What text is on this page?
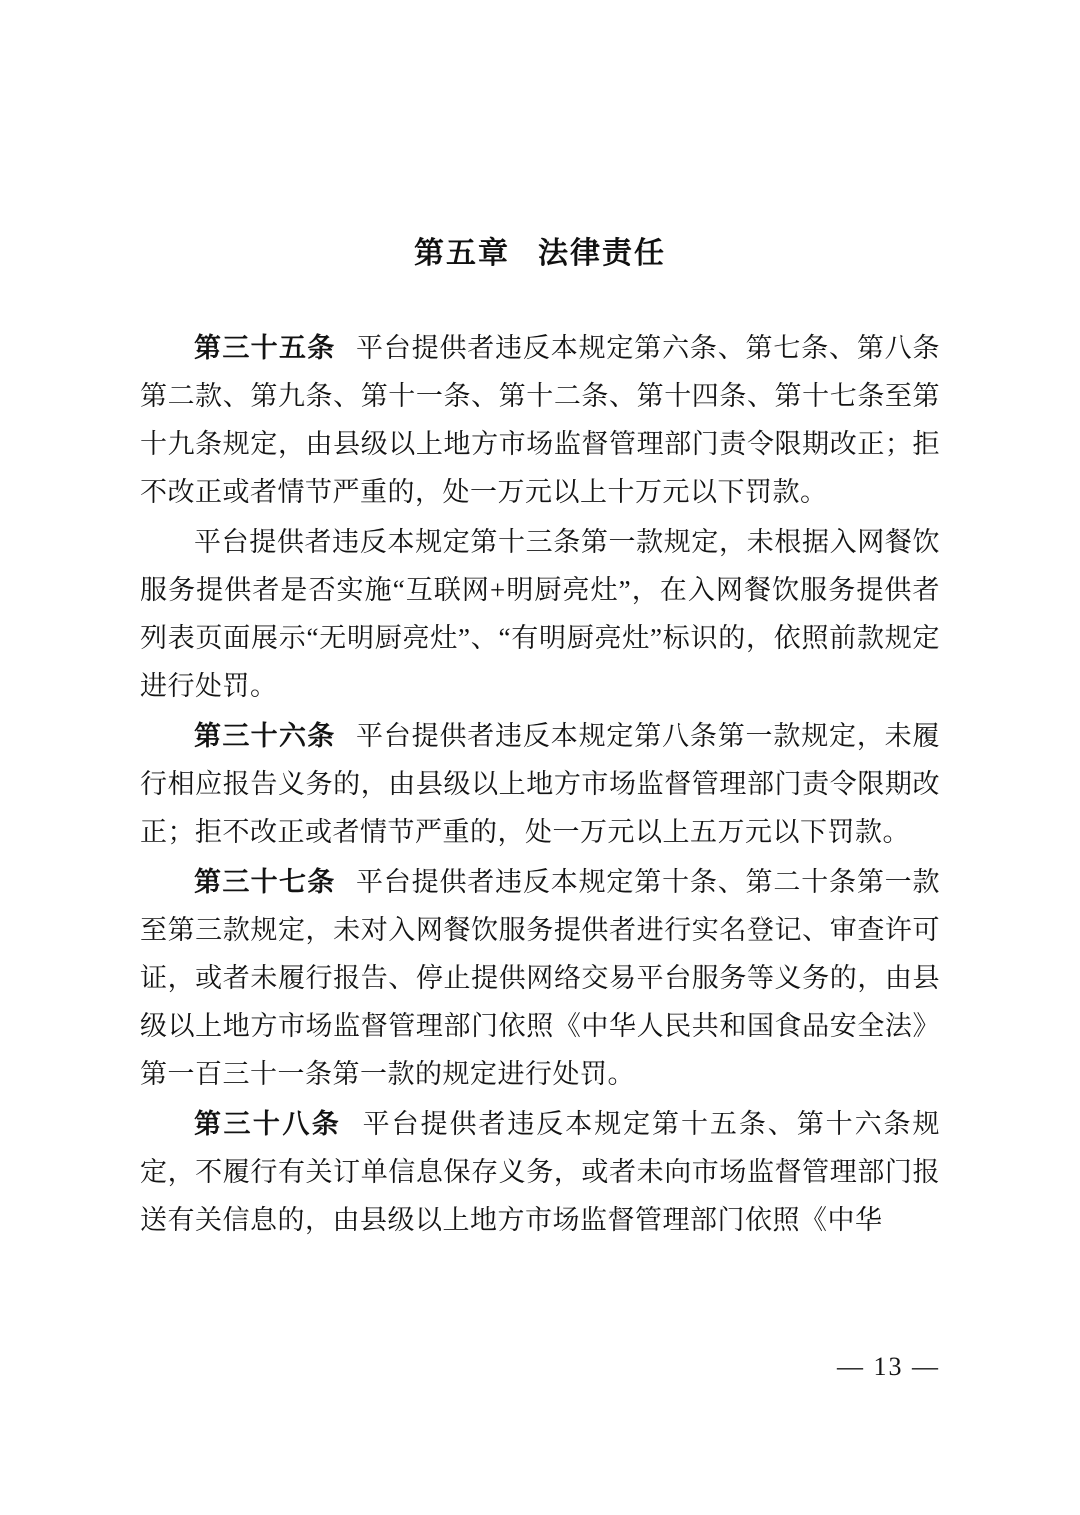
第五章 法律责任

第三十五条 平台提供者违反本规定第六条、第七条、第八条第二款、第九条、第十一条、第十二条、第十四条、第十七条至第十九条规定，由县级以上地方市场监督管理部门责令限期改正；拒不改正或者情节严重的，处一万元以上十万元以下罚款。

平台提供者违反本规定第十三条第一款规定，未根据入网餐饮服务提供者是否实施“互联网+明厨亮灶”，在入网餐饮服务提供者列表页面展示“无明厨亮灶”、“有明厨亮灶”标识的，依照前款规定进行处罚。

第三十六条 平台提供者违反本规定第八条第一款规定，未履行相应报告义务的，由县级以上地方市场监督管理部门责令限期改正；拒不改正或者情节严重的，处一万元以上五万元以下罚款。

第三十七条 平台提供者违反本规定第十条、第二十条第一款至第三款规定，未对入网餐饮服务提供者进行实名登记、审查许可证，或者未履行报告、停止提供网络交易平台服务等义务的，由县级以上地方市场监督管理部门依照《中华人民共和国食品安全法》第一百三十一条第一款的规定进行处罚。

第三十八条 平台提供者违反本规定第十五条、第十六条规定，不履行有关订单信息保存义务，或者未向市场监督管理部门报送有关信息的，由县级以上地方市场监督管理部门依照《中华

— 13 —
